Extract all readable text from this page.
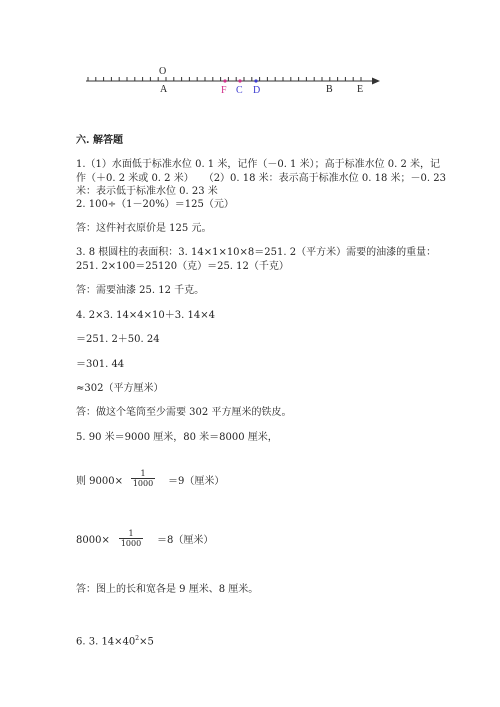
O
A	F C D	B E
六. 解答题
1.（1）水面低于标准水位 0. 1 米，记作（－0. 1 米）；高于标准水位 0. 2 米，记
作（＋0. 2 米或 0. 2 米）　　（2）0. 18 米：表示高于标准水位 0. 18 米；－0. 23
米：表示低于标准水位 0. 23 米
2. 100÷（1－20%）＝125（元）
答：这件衬衣原价是 125 元。
3. 8 根圆柱的表面积：3. 14×1×10×8＝251. 2（平方米）需要的油漆的重量：
251. 2×100＝25120（克）＝25. 12（千克）
答：需要油漆 25. 12 千克。
4. 2×3. 14×4×10＋3. 14×4
＝251. 2＋50. 24
＝301. 44
≈302（平方厘米）
答：做这个笔筒至少需要 302 平方厘米的铁皮。
5. 90 米＝9000 厘米，80 米＝8000 厘米，
则 9000×
1
1000 ＝9（厘米）
8000×
1
1000 ＝8（厘米）
答：图上的长和宽各是 9 厘米、8 厘米。
6. 3. $14\times 40^2\times 5$
